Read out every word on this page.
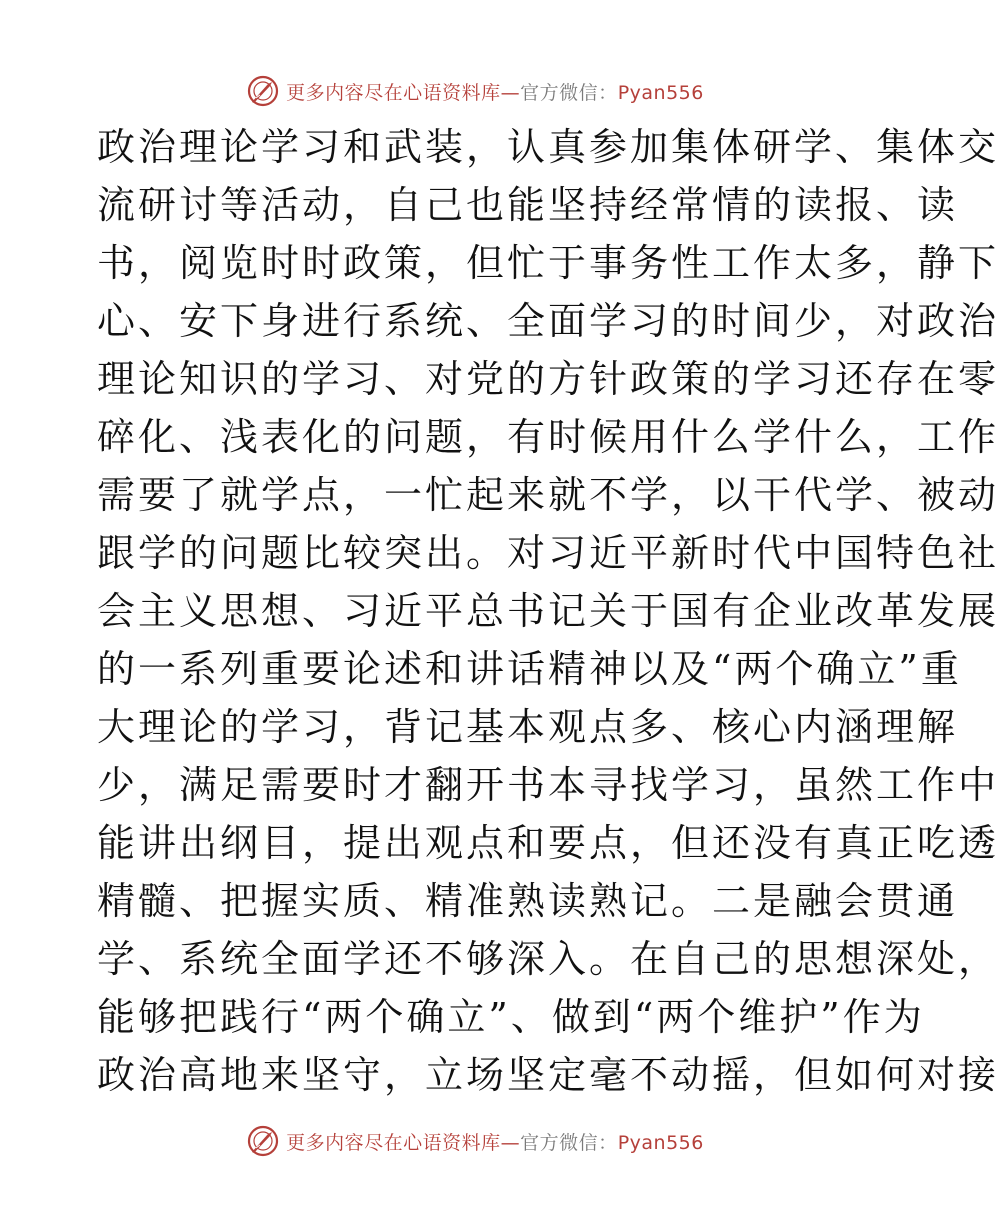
更多内容尽在心语资料库—官方微信：Pyan556
政治理论学习和武装，认真参加集体研学、集体交
流研讨等活动，自己也能坚持经常情的读报、读
书，阅览时时政策，但忙于事务性工作太多，静下
心、安下身进行系统、全面学习的时间少，对政治
理论知识的学习、对党的方针政策的学习还存在零
碎化、浅表化的问题，有时候用什么学什么，工作
需要了就学点，一忙起来就不学，以干代学、被动
跟学的问题比较突出。对习近平新时代中国特色社
会主义思想、习近平总书记关于国有企业改革发展
的一系列重要论述和讲话精神以及“两个确立”重
大理论的学习，背记基本观点多、核心内涵理解
少，满足需要时才翻开书本寻找学习，虽然工作中
能讲出纲目，提出观点和要点，但还没有真正吃透
精髓、把握实质、精准熟读熟记。二是融会贯通
学、系统全面学还不够深入。在自己的思想深处，
能够把践行“两个确立”、做到“两个维护”作为
政治高地来坚守，立场坚定毫不动摇，但如何对接
更多内容尽在心语资料库—官方微信：Pyan556
